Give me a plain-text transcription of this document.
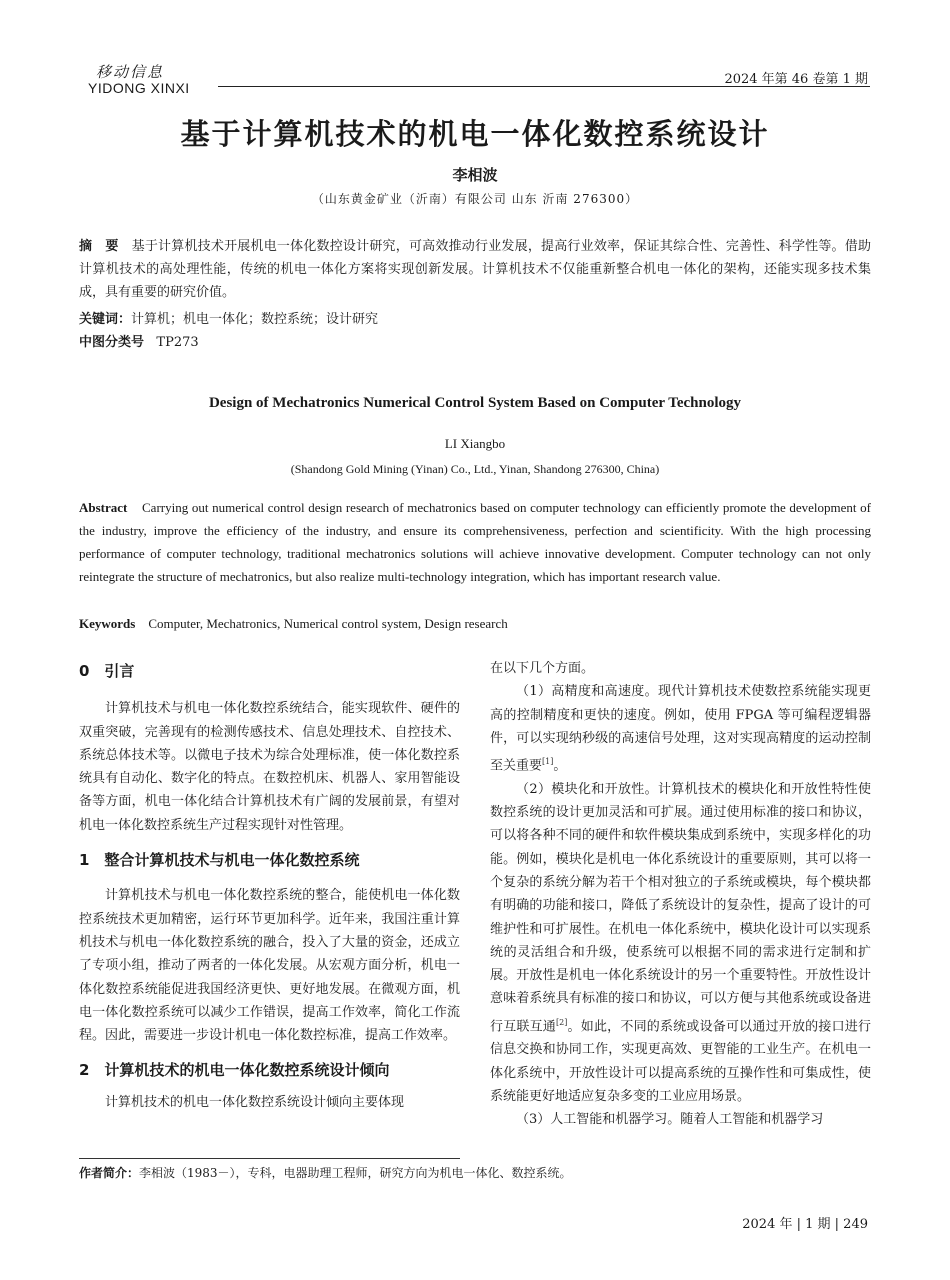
移动信息
YIDONG XINXI
2024 年第 46 卷第 1 期
基于计算机技术的机电一体化数控系统设计
李相波
（山东黄金矿业（沂南）有限公司 山东 沂南 276300）
摘　要 基于计算机技术开展机电一体化数控设计研究，可高效推动行业发展，提高行业效率，保证其综合性、完善性、科学性等。借助计算机技术的高处理性能，传统的机电一体化方案将实现创新发展。计算机技术不仅能重新整合机电一体化的架构，还能实现多技术集成，具有重要的研究价值。
关键词：计算机；机电一体化；数控系统；设计研究
中图分类号 TP273
Design of Mechatronics Numerical Control System Based on Computer Technology
LI Xiangbo
(Shandong Gold Mining (Yinan) Co., Ltd., Yinan, Shandong 276300, China)
Abstract Carrying out numerical control design research of mechatronics based on computer technology can efficiently promote the development of the industry, improve the efficiency of the industry, and ensure its comprehensiveness, perfection and scientificity. With the high processing performance of computer technology, traditional mechatronics solutions will achieve innovative development. Computer technology can not only reintegrate the structure of mechatronics, but also realize multi-technology integration, which has important research value.
Keywords Computer, Mechatronics, Numerical control system, Design research

0　引言

计算机技术与机电一体化数控系统结合，能实现软件、硬件的双重突破，完善现有的检测传感技术、信息处理技术、自控技术、系统总体技术等。以微电子技术为综合处理标准，使一体化数控系统具有自动化、数字化的特点。在数控机床、机器人、家用智能设备等方面，机电一体化结合计算机技术有广阔的发展前景，有望对机电一体化数控系统生产过程实现针对性管理。

1　整合计算机技术与机电一体化数控系统

计算机技术与机电一体化数控系统的整合，能使机电一体化数控系统技术更加精密，运行环节更加科学。近年来，我国注重计算机技术与机电一体化数控系统的融合，投入了大量的资金，还成立了专项小组，推动了两者的一体化发展。从宏观方面分析，机电一体化数控系统能促进我国经济更快、更好地发展。在微观方面，机电一体化数控系统可以减少工作错误，提高工作效率，简化工作流程。因此，需要进一步设计机电一体化数控标准，提高工作效率。

2　计算机技术的机电一体化数控系统设计倾向

计算机技术的机电一体化数控系统设计倾向主要体现

在以下几个方面。

（1）高精度和高速度。现代计算机技术使数控系统能实现更高的控制精度和更快的速度。例如，使用 FPGA 等可编程逻辑器件，可以实现纳秒级的高速信号处理，这对实现高精度的运动控制至关重要[1]。

（2）模块化和开放性。计算机技术的模块化和开放性特性使数控系统的设计更加灵活和可扩展。通过使用标准的接口和协议，可以将各种不同的硬件和软件模块集成到系统中，实现多样化的功能。例如，模块化是机电一体化系统设计的重要原则，其可以将一个复杂的系统分解为若干个相对独立的子系统或模块，每个模块都有明确的功能和接口，降低了系统设计的复杂性，提高了设计的可维护性和可扩展性。在机电一体化系统中，模块化设计可以实现系统的灵活组合和升级，使系统可以根据不同的需求进行定制和扩展。开放性是机电一体化系统设计的另一个重要特性。开放性设计意味着系统具有标准的接口和协议，可以方便与其他系统或设备进行互联互通[2]。如此，不同的系统或设备可以通过开放的接口进行信息交换和协同工作，实现更高效、更智能的工业生产。在机电一体化系统中，开放性设计可以提高系统的互操作性和可集成性，使系统能更好地适应复杂多变的工业应用场景。

（3）人工智能和机器学习。随着人工智能和机器学习

作者简介：李相波（1983－），专科，电器助理工程师，研究方向为机电一体化、数控系统。
2024 年 | 1 期 | 249
